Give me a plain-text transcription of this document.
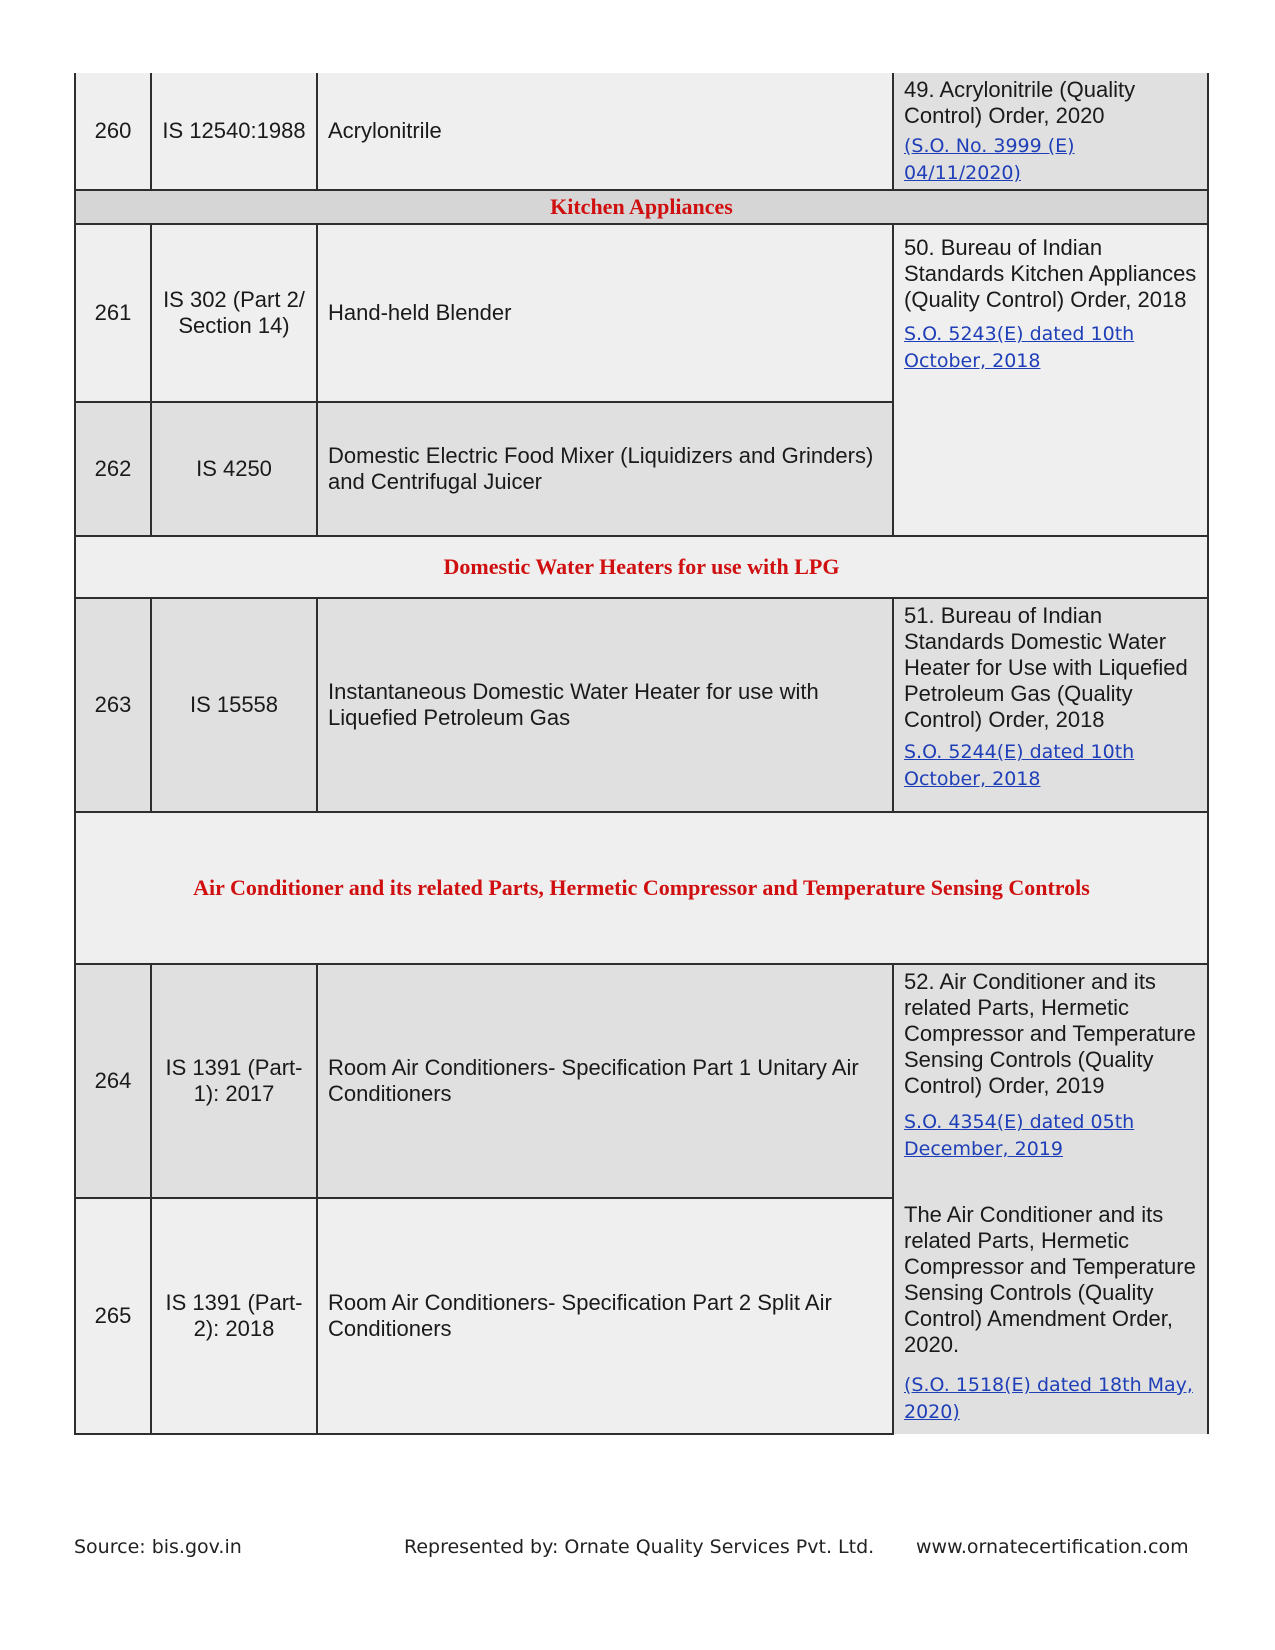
260	IS 12540:1988	Acrylonitrile	49. Acrylonitrile (Quality Control) Order, 2020
(S.O. No. 3999 (E) 04/11/2020)
Kitchen Appliances			
261	IS 302 (Part 2/ Section 14)	Hand-held Blender	50. Bureau of Indian Standards Kitchen Appliances (Quality Control) Order, 2018
S.O. 5243(E) dated 10th October, 2018
262	IS 4250	Domestic Electric Food Mixer (Liquidizers and Grinders) and Centrifugal Juicer	
Domestic Water Heaters for use with LPG			
263	IS 15558	Instantaneous Domestic Water Heater for use with Liquefied Petroleum Gas	51. Bureau of Indian Standards Domestic Water Heater for Use with Liquefied Petroleum Gas (Quality Control) Order, 2018
S.O. 5244(E) dated 10th October, 2018
Air Conditioner and its related Parts, Hermetic Compressor and Temperature Sensing Controls			
264	IS 1391 (Part-1): 2017	Room Air Conditioners- Specification Part 1 Unitary Air Conditioners	52. Air Conditioner and its related Parts, Hermetic Compressor and Temperature Sensing Controls (Quality Control) Order, 2019
S.O. 4354(E) dated 05th December, 2019
265	IS 1391 (Part-2): 2018	Room Air Conditioners- Specification Part 2 Split Air Conditioners	The Air Conditioner and its related Parts, Hermetic Compressor and Temperature Sensing Controls (Quality Control) Amendment Order, 2020.
(S.O. 1518(E) dated 18th May, 2020)
Source: bis.gov.in	Represented by: Ornate Quality Services Pvt. Ltd. www.ornatecertification.com
